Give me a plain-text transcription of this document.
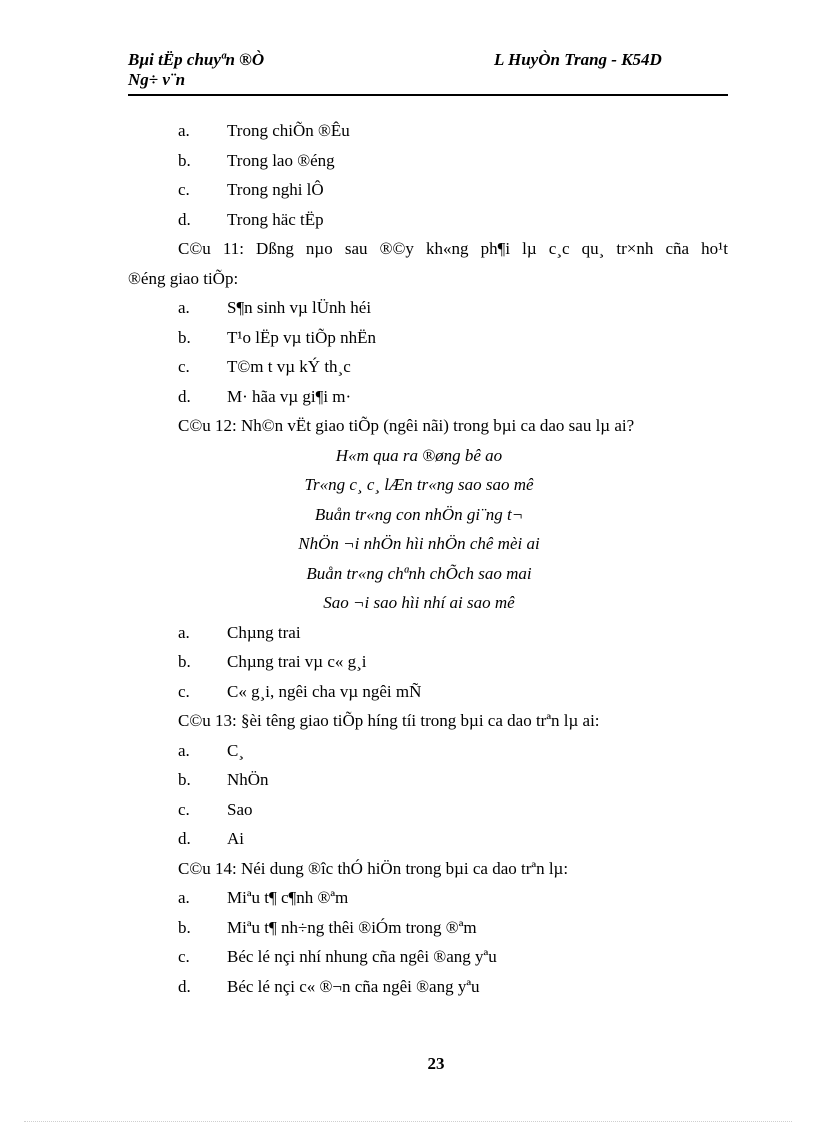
Bµi tËp chuyªn ®Ò
Ng÷ v¨n
L HuyÒn Trang - K54D
a. Trong chiÕn ®Êu
b. Trong lao ®éng
c. Trong nghi lÔ
d. Trong häc tËp
C©u 11: Dßng nµo sau ®©y kh«ng ph¶i lµ c¸c qu¸ tr×nh cña ho¹t
®éng giao tiÕp:
a. S¶n sinh vµ lÜnh héi
b. T¹o lËp vµ tiÕp nhËn
c. T©m t vµ kÝ th¸c
d. M· hãa vµ gi¶i m·
C©u 12: Nh©n vËt giao tiÕp (ngêi nãi) trong bµi ca dao sau lµ ai?
H«m qua ra ®øng bê ao
Tr«ng c¸ c¸ lÆn tr«ng sao sao mê
Buån tr«ng con nhÖn gi¨ng t¬
NhÖn ¬i nhÖn hìi nhÖn chê mèi ai
Buån tr«ng chªnh chÕch sao mai
Sao ¬i sao hìi nhí ai sao mê
a. Chµng trai
b. Chµng trai vµ c« g¸i
c. C« g¸i, ngêi cha vµ ngêi mÑ
C©u 13: §èi têng giao tiÕp híng tíi trong bµi ca dao trªn lµ ai:
a. C¸
b. NhÖn
c. Sao
d. Ai
C©u 14: Néi dung ®îc thÓ hiÖn trong bµi ca dao trªn lµ:
a. Miªu t¶ c¶nh ®ªm
b. Miªu t¶ nh÷ng thêi ®iÓm trong ®ªm
c. Béc lé nçi nhí nhung cña ngêi ®ang yªu
d. Béc lé nçi c« ®¬n cña ngêi ®ang yªu
23
